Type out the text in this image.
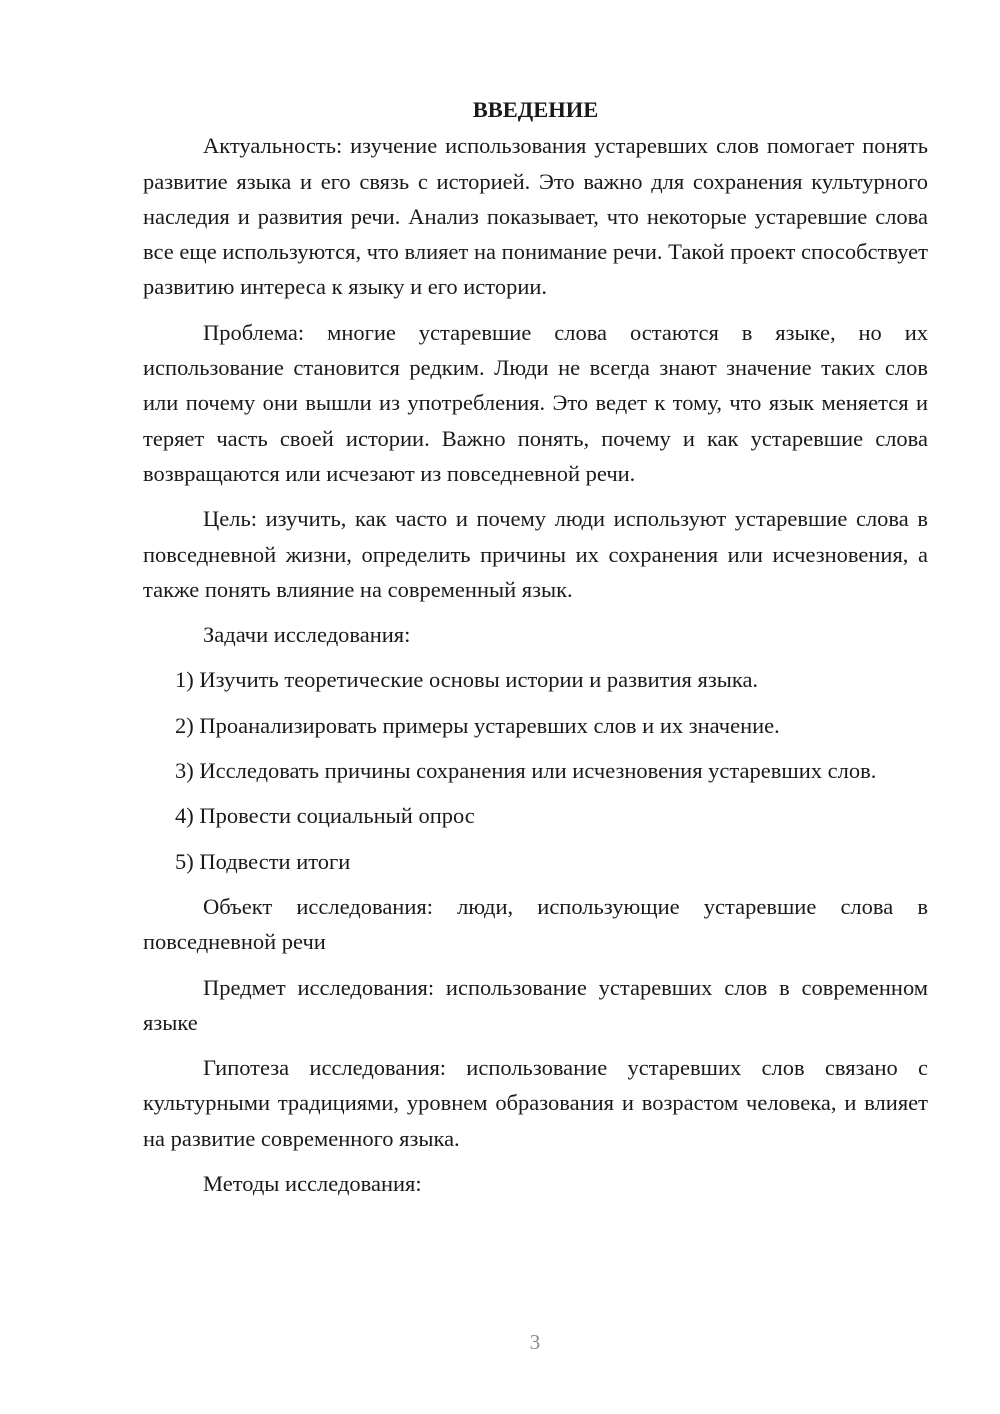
ВВЕДЕНИЕ

Актуальность: изучение использования устаревших слов помогает понять развитие языка и его связь с историей. Это важно для сохранения культурного наследия и развития речи. Анализ показывает, что некоторые устаревшие слова все еще используются, что влияет на понимание речи. Такой проект способствует развитию интереса к языку и его истории.

Проблема: многие устаревшие слова остаются в языке, но их использование становится редким. Люди не всегда знают значение таких слов или почему они вышли из употребления. Это ведет к тому, что язык меняется и теряет часть своей истории. Важно понять, почему и как устаревшие слова возвращаются или исчезают из повседневной речи.

Цель: изучить, как часто и почему люди используют устаревшие слова в повседневной жизни, определить причины их сохранения или исчезновения, а также понять влияние на современный язык.

Задачи исследования:

1) Изучить теоретические основы истории и развития языка.

2) Проанализировать примеры устаревших слов и их значение.

3) Исследовать причины сохранения или исчезновения устаревших слов.

4) Провести социальный опрос

5) Подвести итоги

Объект исследования: люди, использующие устаревшие слова в повседневной речи

Предмет исследования: использование устаревших слов в современном языке

Гипотеза исследования: использование устаревших слов связано с культурными традициями, уровнем образования и возрастом человека, и влияет на развитие современного языка.

Методы исследования:

3
